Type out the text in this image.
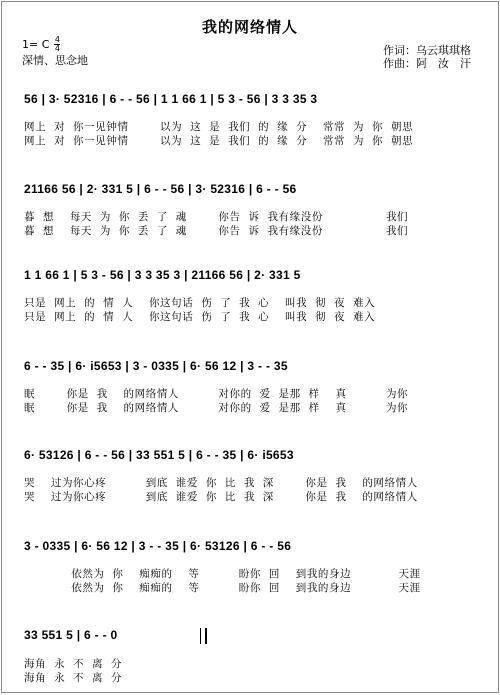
我的网络情人
1= C $\frac{4}{4}$
深情、思念地
作词：乌云琪琪格
作曲：阿　汝　汗
56 | 3· 52316 | 6 - - 56 | 1 1 66 1 | 5 3 - 56 | 3 3 35 3
网上  对  你一见钟情        以为  这  是  我们  的  缘  分    常常  为  你  朝思
网上  对  你一见钟情        以为  这  是  我们  的  缘  分    常常  为  你  朝思
21166 56 | 2· 331 5 | 6 - - 56 | 3· 52316 | 6 - - 56
暮  想    每天  为  你  丢  了  魂        你告  诉  我有缘没份                我们
暮  想    每天  为  你  丢  了  魂        你告  诉  我有缘没份                我们
1 1 66 1 | 5 3 - 56 | 3 3 35 3 | 21166 56 | 2· 331 5
只是  网上  的  情  人    你这句话  伤  了  我  心    叫我  彻  夜  难入
只是  网上  的  情  人    你这句话  伤  了  我  心    叫我  彻  夜  难入
6 - - 35 | 6· i5653 | 3 - 0335 | 6· 56 12 | 3 - - 35
眠        你是  我    的网络情人          对你的  爱  是那  样    真          为你
眠        你是  我    的网络情人          对你的  爱  是那  样    真          为你
6· 53126 | 6 - - 56 | 33 551 5 | 6 - - 35 | 6· i5653
哭    过为你心疼          到底  谁爱  你  比  我  深        你是  我    的网络情人
哭    过为你心疼          到底  谁爱  你  比  我  深        你是  我    的网络情人
3 - 0335 | 6· 56 12 | 3 - - 35 | 6· 53126 | 6 - - 56
依然为  你    痴痴的    等          盼你  回    到我的身边            天涯
依然为  你    痴痴的    等          盼你  回    到我的身边            天涯
33 551 5 | 6 - - 0
海角  永  不  离  分
海角  永  不  离  分
